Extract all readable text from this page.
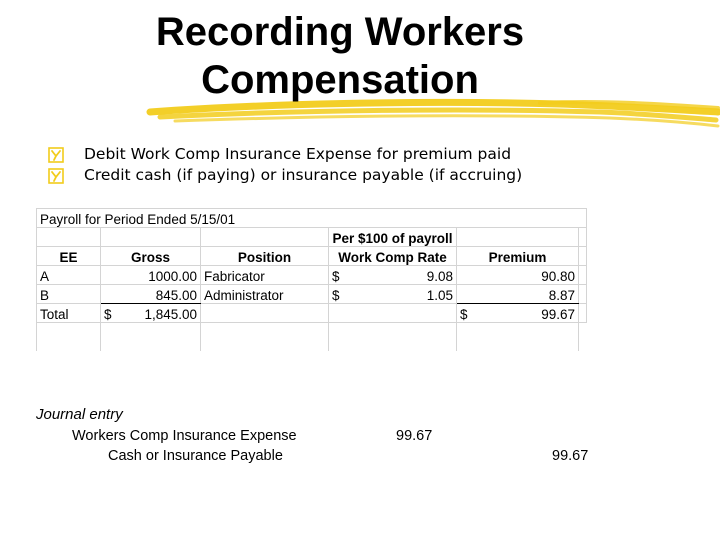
Recording Workers
Compensation
Debit Work Comp Insurance Expense for premium paid
Credit cash (if paying) or insurance payable (if accruing)
Payroll for Period Ended 5/15/01					
			Per $100 of payroll		
EE	Gross	Position	Work Comp Rate	Premium	
A	1000.00	Fabricator	$ 9.08	90.80	
B	845.00	Administrator	$ 1.05	8.87	
Total	$ 1,845.00			$ 99.67	

Journal entry
Workers Comp Insurance Expense	99.67
Cash or Insurance Payable	99.67
